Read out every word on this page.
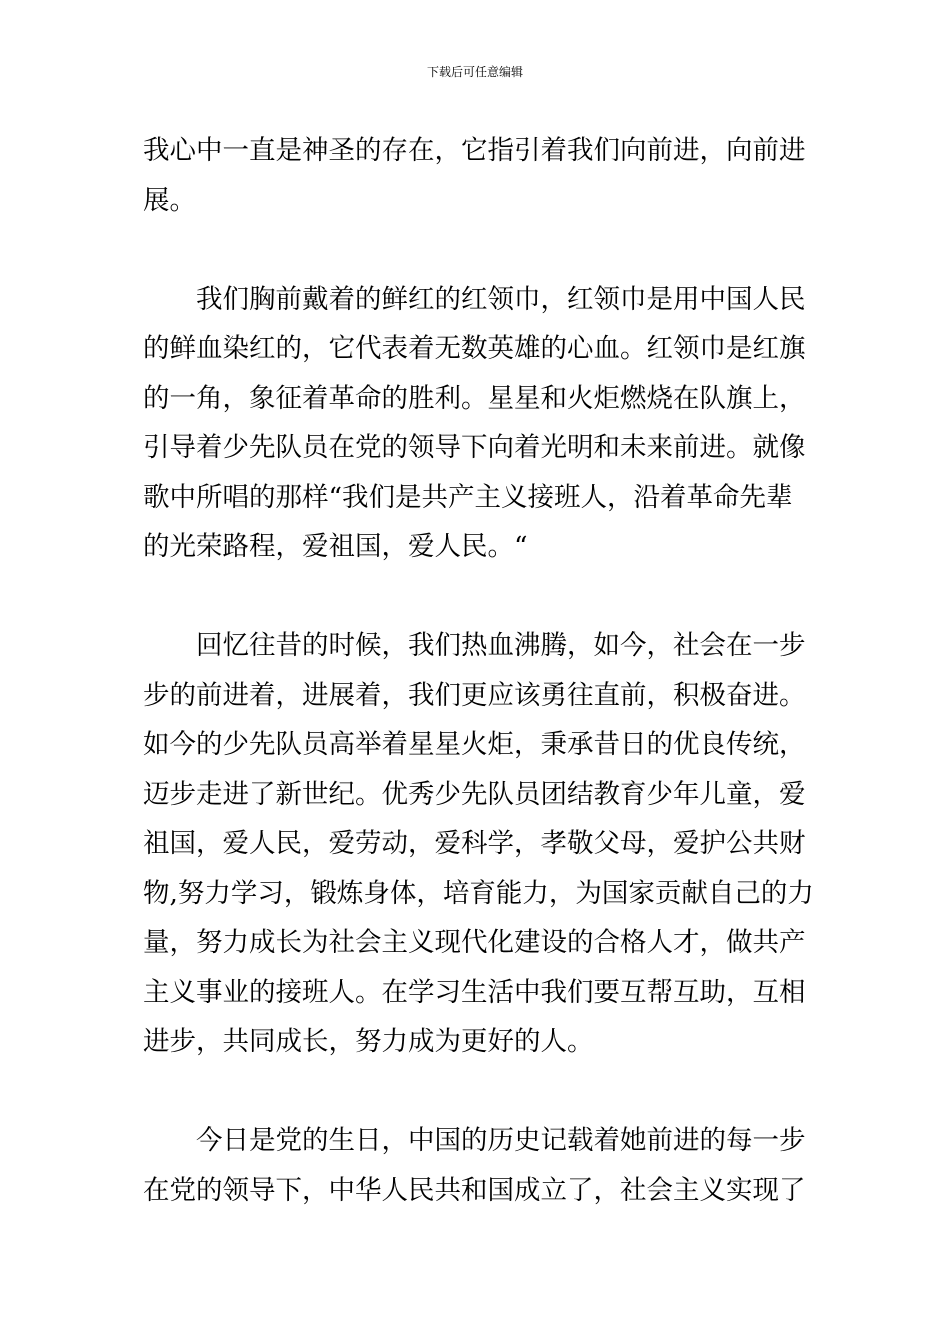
下载后可任意编辑
我心中一直是神圣的存在，它指引着我们向前进，向前进
展。
我们胸前戴着的鲜红的红领巾，红领巾是用中国人民
的鲜血染红的，它代表着无数英雄的心血。红领巾是红旗
的一角，象征着革命的胜利。星星和火炬燃烧在队旗上，
引导着少先队员在党的领导下向着光明和未来前进。就像
歌中所唱的那样“我们是共产主义接班人，沿着革命先辈
的光荣路程，爱祖国，爱人民。“
回忆往昔的时候，我们热血沸腾，如今，社会在一步
步的前进着，进展着，我们更应该勇往直前，积极奋进。
如今的少先队员高举着星星火炬，秉承昔日的优良传统，
迈步走进了新世纪。优秀少先队员团结教育少年儿童，爱
祖国，爱人民，爱劳动，爱科学，孝敬父母，爱护公共财
物,努力学习，锻炼身体，培育能力，为国家贡献自己的力
量，努力成长为社会主义现代化建设的合格人才，做共产
主义事业的接班人。在学习生活中我们要互帮互助，互相
进步，共同成长，努力成为更好的人。
今日是党的生日，中国的历史记载着她前进的每一步
在党的领导下，中华人民共和国成立了，社会主义实现了
